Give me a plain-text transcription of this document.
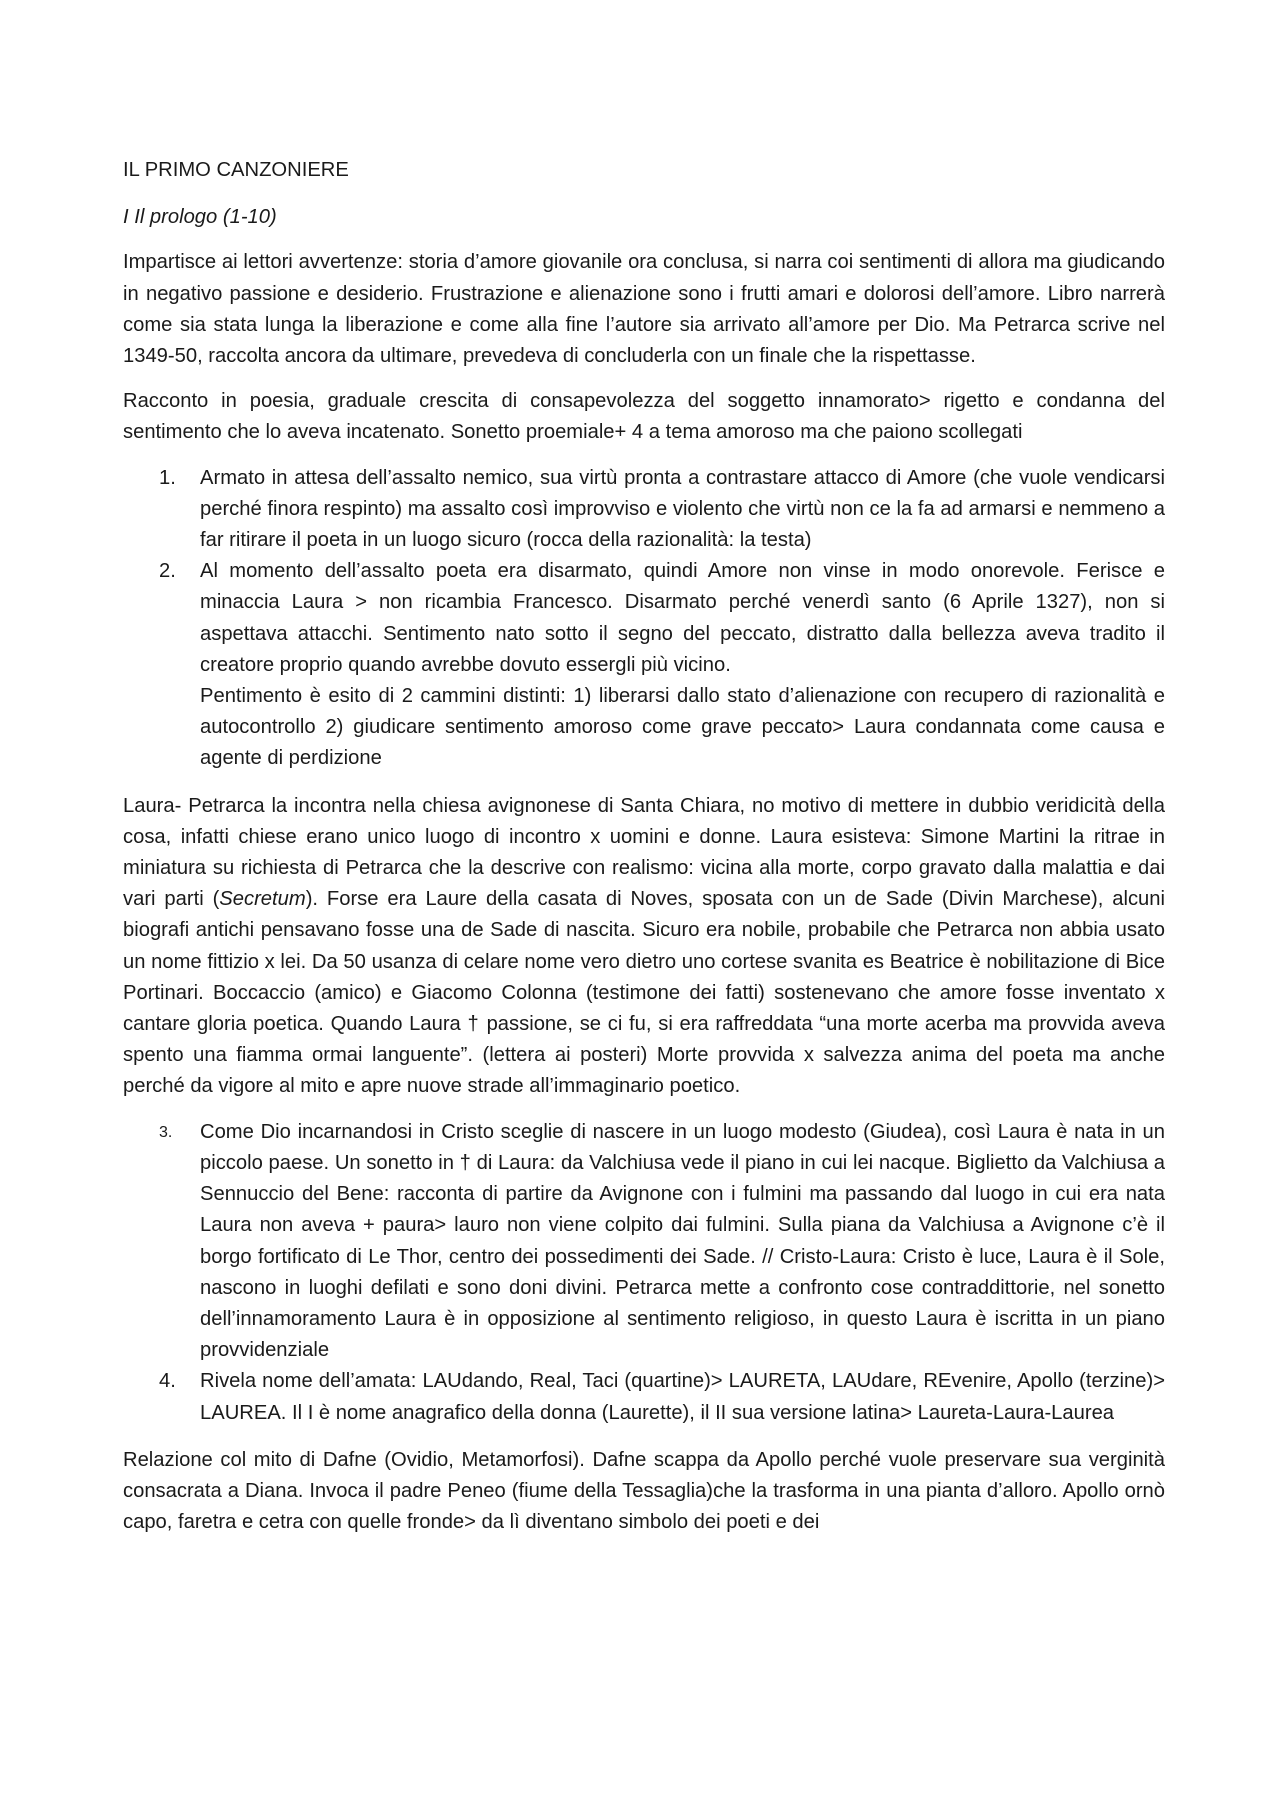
IL PRIMO CANZONIERE

I Il prologo (1-10)

Impartisce ai lettori avvertenze: storia d’amore giovanile ora conclusa, si narra coi sentimenti di allora ma giudicando in negativo passione e desiderio. Frustrazione e alienazione sono i frutti amari e dolorosi dell’amore. Libro narrerà come sia stata lunga la liberazione e come alla fine l’autore sia arrivato all’amore per Dio. Ma Petrarca scrive nel 1349-50, raccolta ancora da ultimare, prevedeva di concluderla con un finale che la rispettasse.

Racconto in poesia, graduale crescita di consapevolezza del soggetto innamorato> rigetto e condanna del sentimento che lo aveva incatenato. Sonetto proemiale+ 4 a tema amoroso ma che paiono scollegati

1. Armato in attesa dell’assalto nemico, sua virtù pronta a contrastare attacco di Amore (che vuole vendicarsi perché finora respinto) ma assalto così improvviso e violento che virtù non ce la fa ad armarsi e nemmeno a far ritirare il poeta in un luogo sicuro (rocca della razionalità: la testa)
2. Al momento dell’assalto poeta era disarmato, quindi Amore non vinse in modo onorevole. Ferisce e minaccia Laura > non ricambia Francesco. Disarmato perché venerdì santo (6 Aprile 1327), non si aspettava attacchi. Sentimento nato sotto il segno del peccato, distratto dalla bellezza aveva tradito il creatore proprio quando avrebbe dovuto essergli più vicino.
Pentimento è esito di 2 cammini distinti: 1) liberarsi dallo stato d’alienazione con recupero di razionalità e autocontrollo 2) giudicare sentimento amoroso come grave peccato> Laura condannata come causa e agente di perdizione

Laura- Petrarca la incontra nella chiesa avignonese di Santa Chiara, no motivo di mettere in dubbio veridicità della cosa, infatti chiese erano unico luogo di incontro x uomini e donne. Laura esisteva: Simone Martini la ritrae in miniatura su richiesta di Petrarca che la descrive con realismo: vicina alla morte, corpo gravato dalla malattia e dai vari parti (Secretum). Forse era Laure della casata di Noves, sposata con un de Sade (Divin Marchese), alcuni biografi antichi pensavano fosse una de Sade di nascita. Sicuro era nobile, probabile che Petrarca non abbia usato un nome fittizio x lei. Da 50 usanza di celare nome vero dietro uno cortese svanita es Beatrice è nobilitazione di Bice Portinari. Boccaccio (amico) e Giacomo Colonna (testimone dei fatti) sostenevano che amore fosse inventato x cantare gloria poetica. Quando Laura † passione, se ci fu, si era raffreddata “una morte acerba ma provvida aveva spento una fiamma ormai languente”. (lettera ai posteri) Morte provvida x salvezza anima del poeta ma anche perché da vigore al mito e apre nuove strade all’immaginario poetico.

3. Come Dio incarnandosi in Cristo sceglie di nascere in un luogo modesto (Giudea), così Laura è nata in un piccolo paese. Un sonetto in † di Laura: da Valchiusa vede il piano in cui lei nacque. Biglietto da Valchiusa a Sennuccio del Bene: racconta di partire da Avignone con i fulmini ma passando dal luogo in cui era nata Laura non aveva + paura> lauro non viene colpito dai fulmini. Sulla piana da Valchiusa a Avignone c’è il borgo fortificato di Le Thor, centro dei possedimenti dei Sade. // Cristo-Laura: Cristo è luce, Laura è il Sole, nascono in luoghi defilati e sono doni divini. Petrarca mette a confronto cose contraddittorie, nel sonetto dell’innamoramento Laura è in opposizione al sentimento religioso, in questo Laura è iscritta in un piano provvidenziale
4. Rivela nome dell’amata: LAUdando, Real, Taci (quartine)> LAURETA, LAUdare, REvenire, Apollo (terzine)> LAUREA. Il I è nome anagrafico della donna (Laurette), il II sua versione latina> Laureta-Laura-Laurea

Relazione col mito di Dafne (Ovidio, Metamorfosi). Dafne scappa da Apollo perché vuole preservare sua verginità consacrata a Diana. Invoca il padre Peneo (fiume della Tessaglia)che la trasforma in una pianta d’alloro. Apollo ornò capo, faretra e cetra con quelle fronde> da lì diventano simbolo dei poeti e dei
